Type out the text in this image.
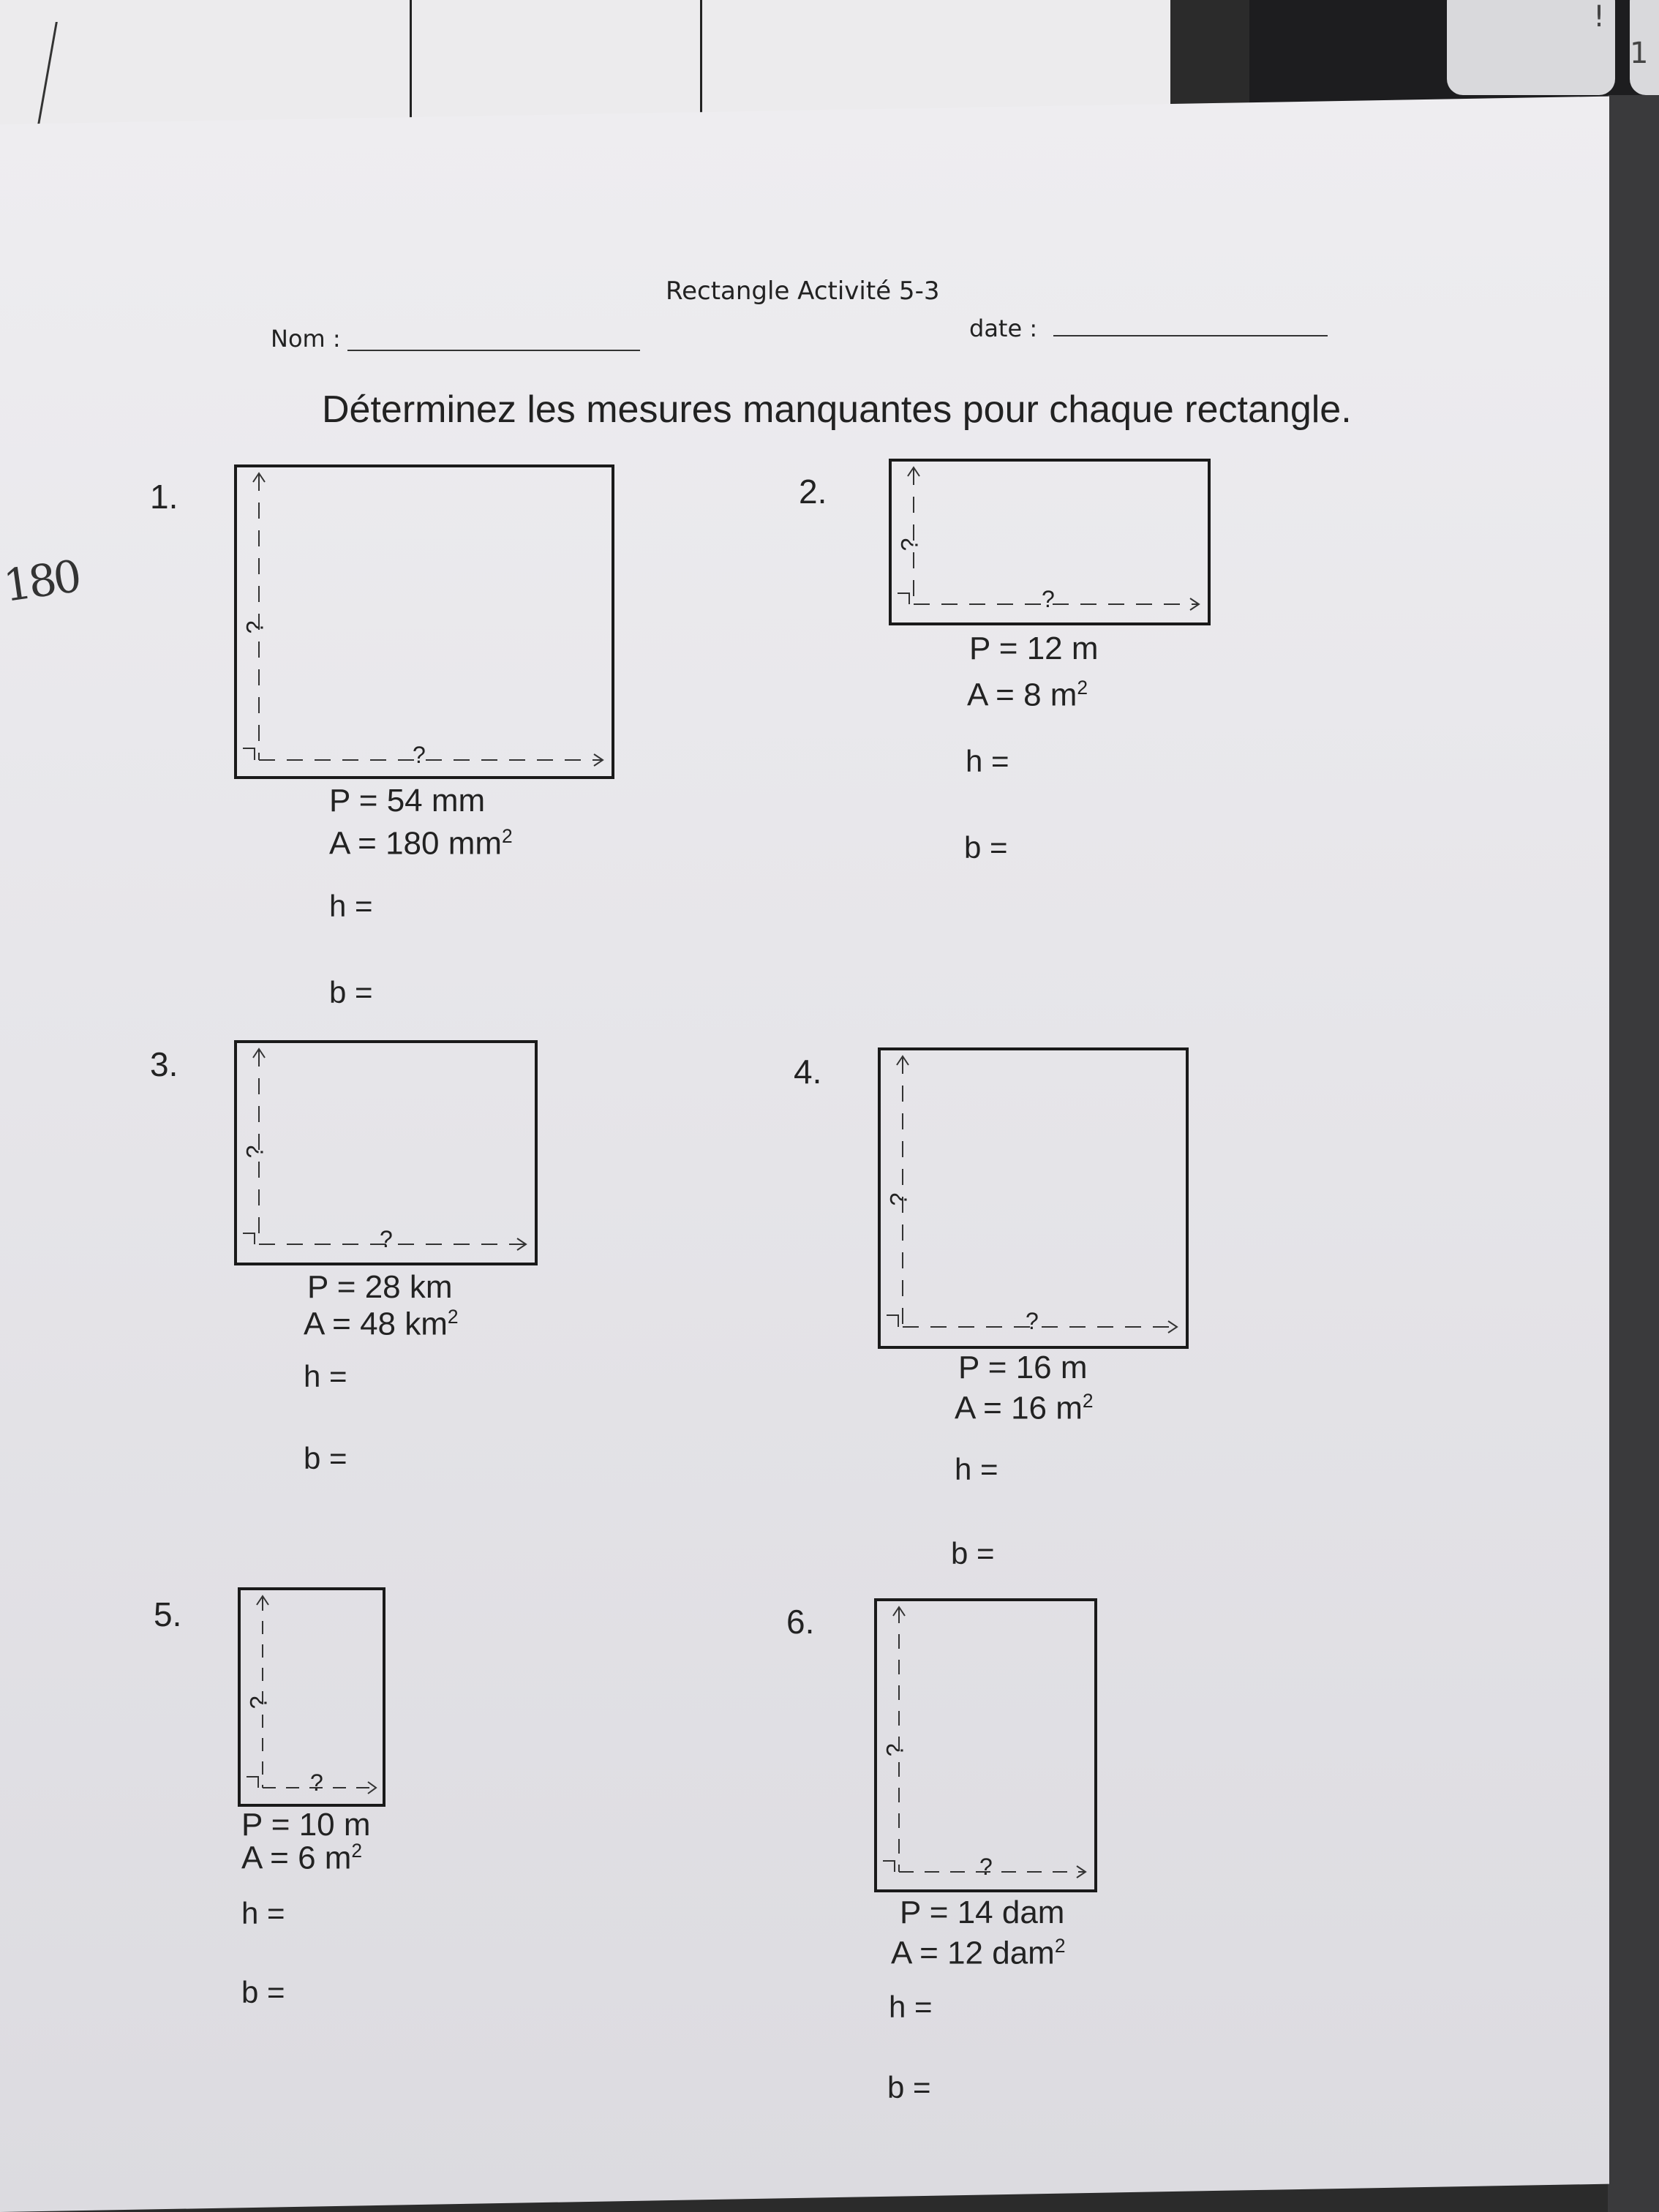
!
1
Rectangle Activité 5-3
Nom :	date :
Déterminez les mesures manquantes pour chaque rectangle.
180
1.
?
?
P = 54 mm
A = 180 $mm^2$
h =
b =
2.
?
?
P = 12 m
A = 8 $m^2$
h =
b =
3.
?
?
P = 28 km
A = 48 $km^2$
h =
b =
4.
?
?
P = 16 m
A = 16 $m^2$
h =
b =
5.
?
?
P = 10 m
A = 6 $m^2$
h =
b =
6.
?
?
P = 14 dam
A = 12 dam$^2$
h =
b =
